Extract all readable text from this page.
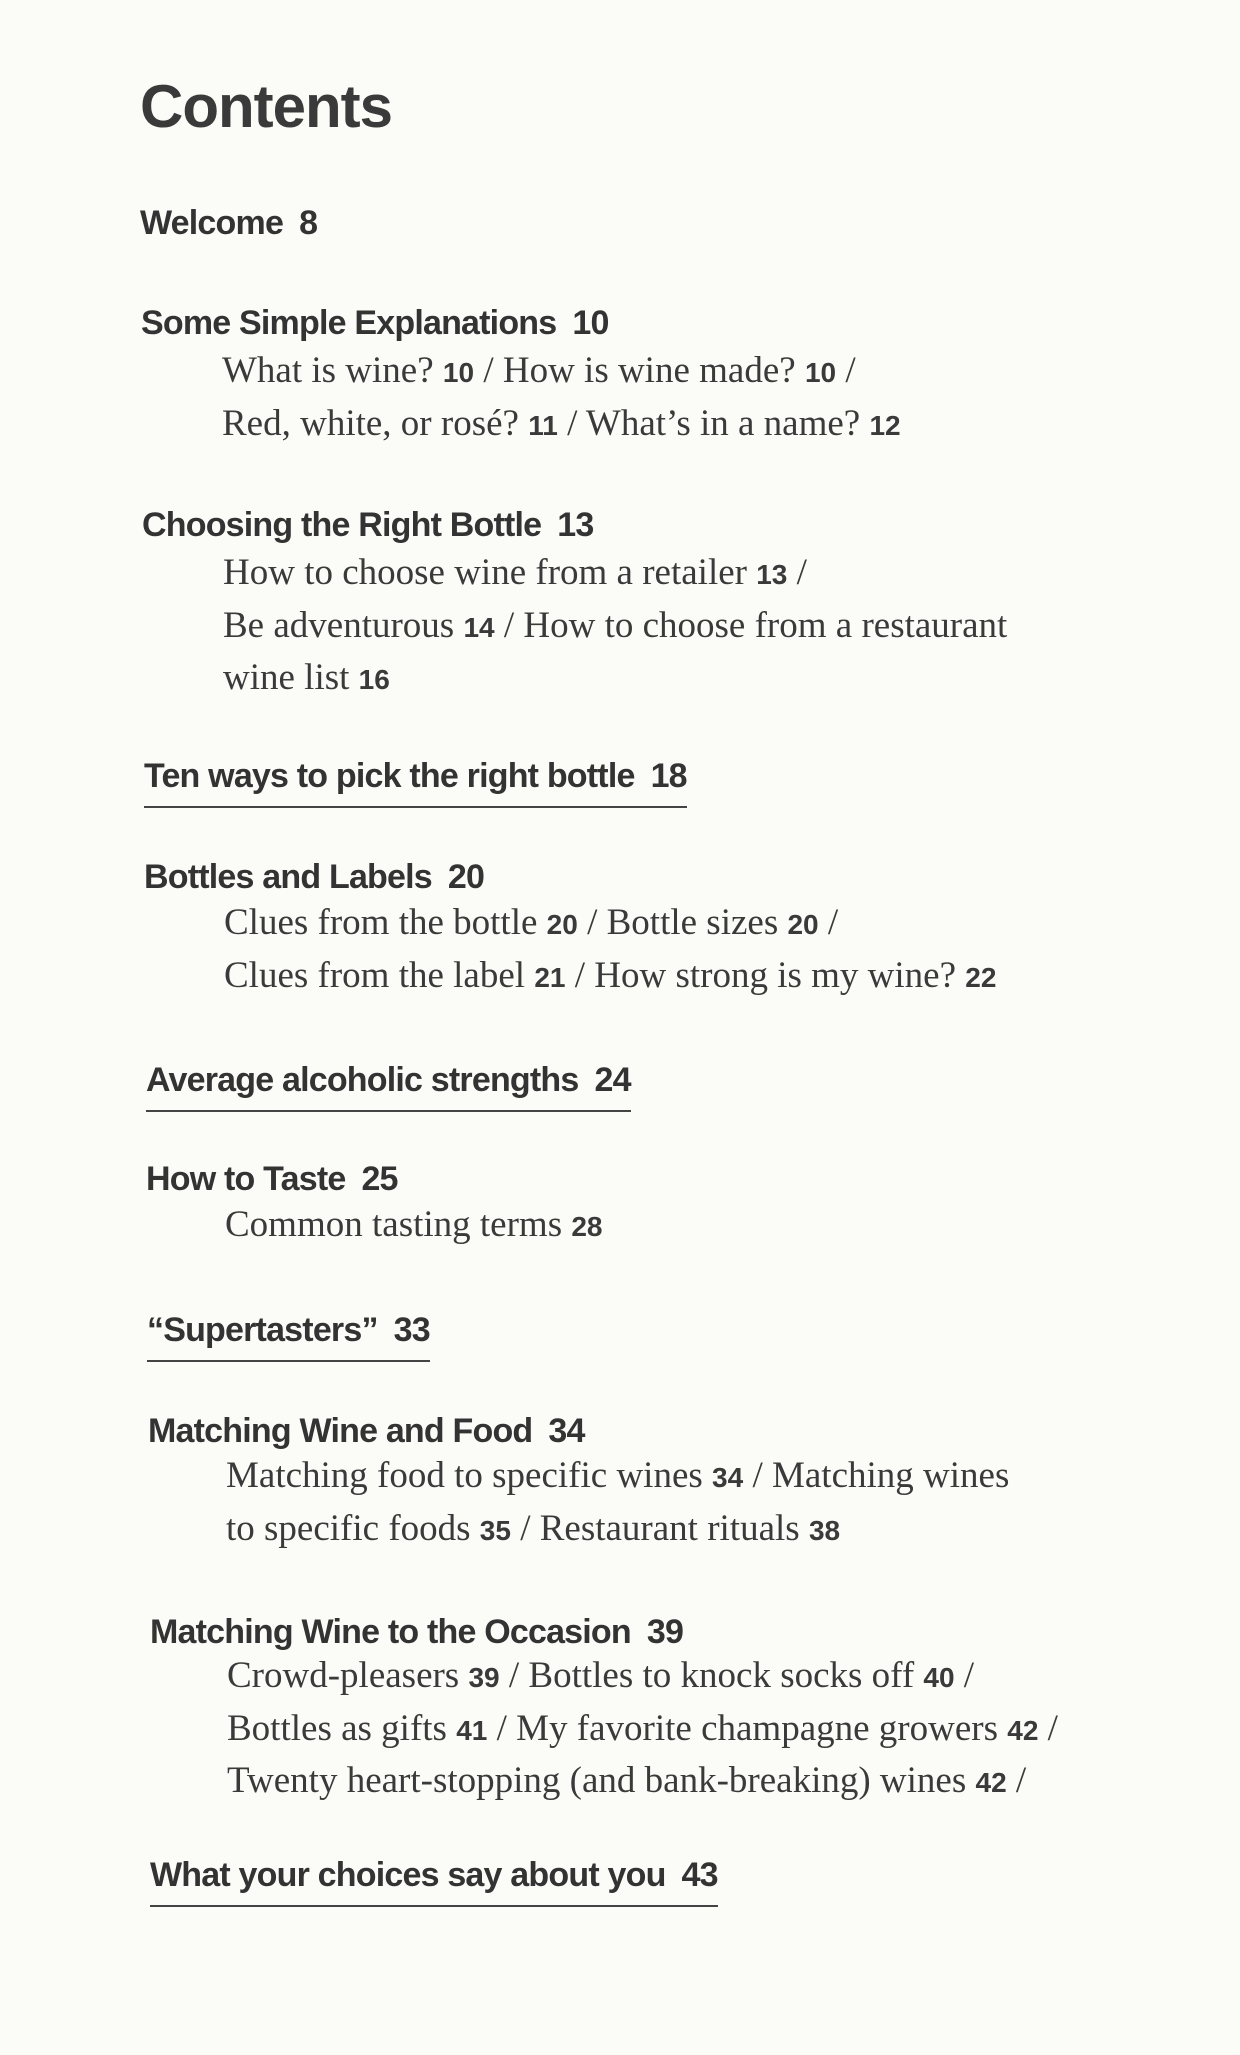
Contents
Welcome 8
Some Simple Explanations 10
What is wine? 10 / How is wine made? 10 /
Red, white, or rosé? 11 / What’s in a name? 12
Choosing the Right Bottle 13
How to choose wine from a retailer 13 /
Be adventurous 14 / How to choose from a restaurant
wine list 16
Ten ways to pick the right bottle 18
Bottles and Labels 20
Clues from the bottle 20 / Bottle sizes 20 /
Clues from the label 21 / How strong is my wine? 22
Average alcoholic strengths 24
How to Taste 25
Common tasting terms 28
“Supertasters” 33
Matching Wine and Food 34
Matching food to specific wines 34 / Matching wines
to specific foods 35 / Restaurant rituals 38
Matching Wine to the Occasion 39
Crowd-pleasers 39 / Bottles to knock socks off 40 /
Bottles as gifts 41 / My favorite champagne growers 42 /
Twenty heart-stopping (and bank-breaking) wines 42 /
What your choices say about you 43
